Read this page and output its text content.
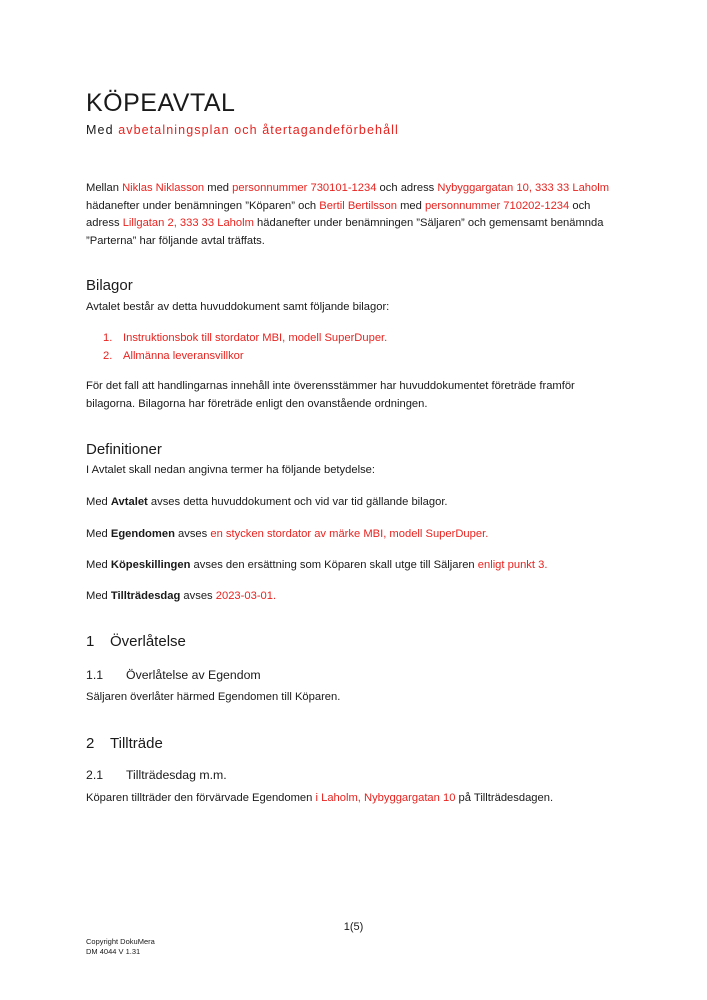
KÖPEAVTAL
Med avbetalningsplan och återtagandeförbehåll

Mellan Niklas Niklasson med personnummer 730101-1234 och adress Nybyggargatan 10, 333 33 Laholm hädanefter under benämningen ”Köparen” och Bertil Bertilsson med personnummer 710202-1234 och adress Lillgatan 2, 333 33 Laholm hädanefter under benämningen ”Säljaren” och gemensamt benämnda ”Parterna” har följande avtal träffats.

Bilagor

Avtalet består av detta huvuddokument samt följande bilagor:

1. Instruktionsbok till stordator MBI, modell SuperDuper.
2. Allmänna leveransvillkor

För det fall att handlingarnas innehåll inte överensstämmer har huvuddokumentet företräde framför bilagorna. Bilagorna har företräde enligt den ovanstående ordningen.

Definitioner

I Avtalet skall nedan angivna termer ha följande betydelse:

Med Avtalet avses detta huvuddokument och vid var tid gällande bilagor.

Med Egendomen avses en stycken stordator av märke MBI, modell SuperDuper.

Med Köpeskillingen avses den ersättning som Köparen skall utge till Säljaren enligt punkt 3.

Med Tillträdesdag avses 2023-03-01.

1 Överlåtelse
1.1 Överlåtelse av Egendom

Säljaren överlåter härmed Egendomen till Köparen.

2 Tillträde
2.1 Tillträdesdag m.m.

Köparen tillträder den förvärvade Egendomen i Laholm, Nybyggargatan 10 på Tillträdesdagen.

1(5)
Copyright DokuMera
DM 4044 V 1.31
